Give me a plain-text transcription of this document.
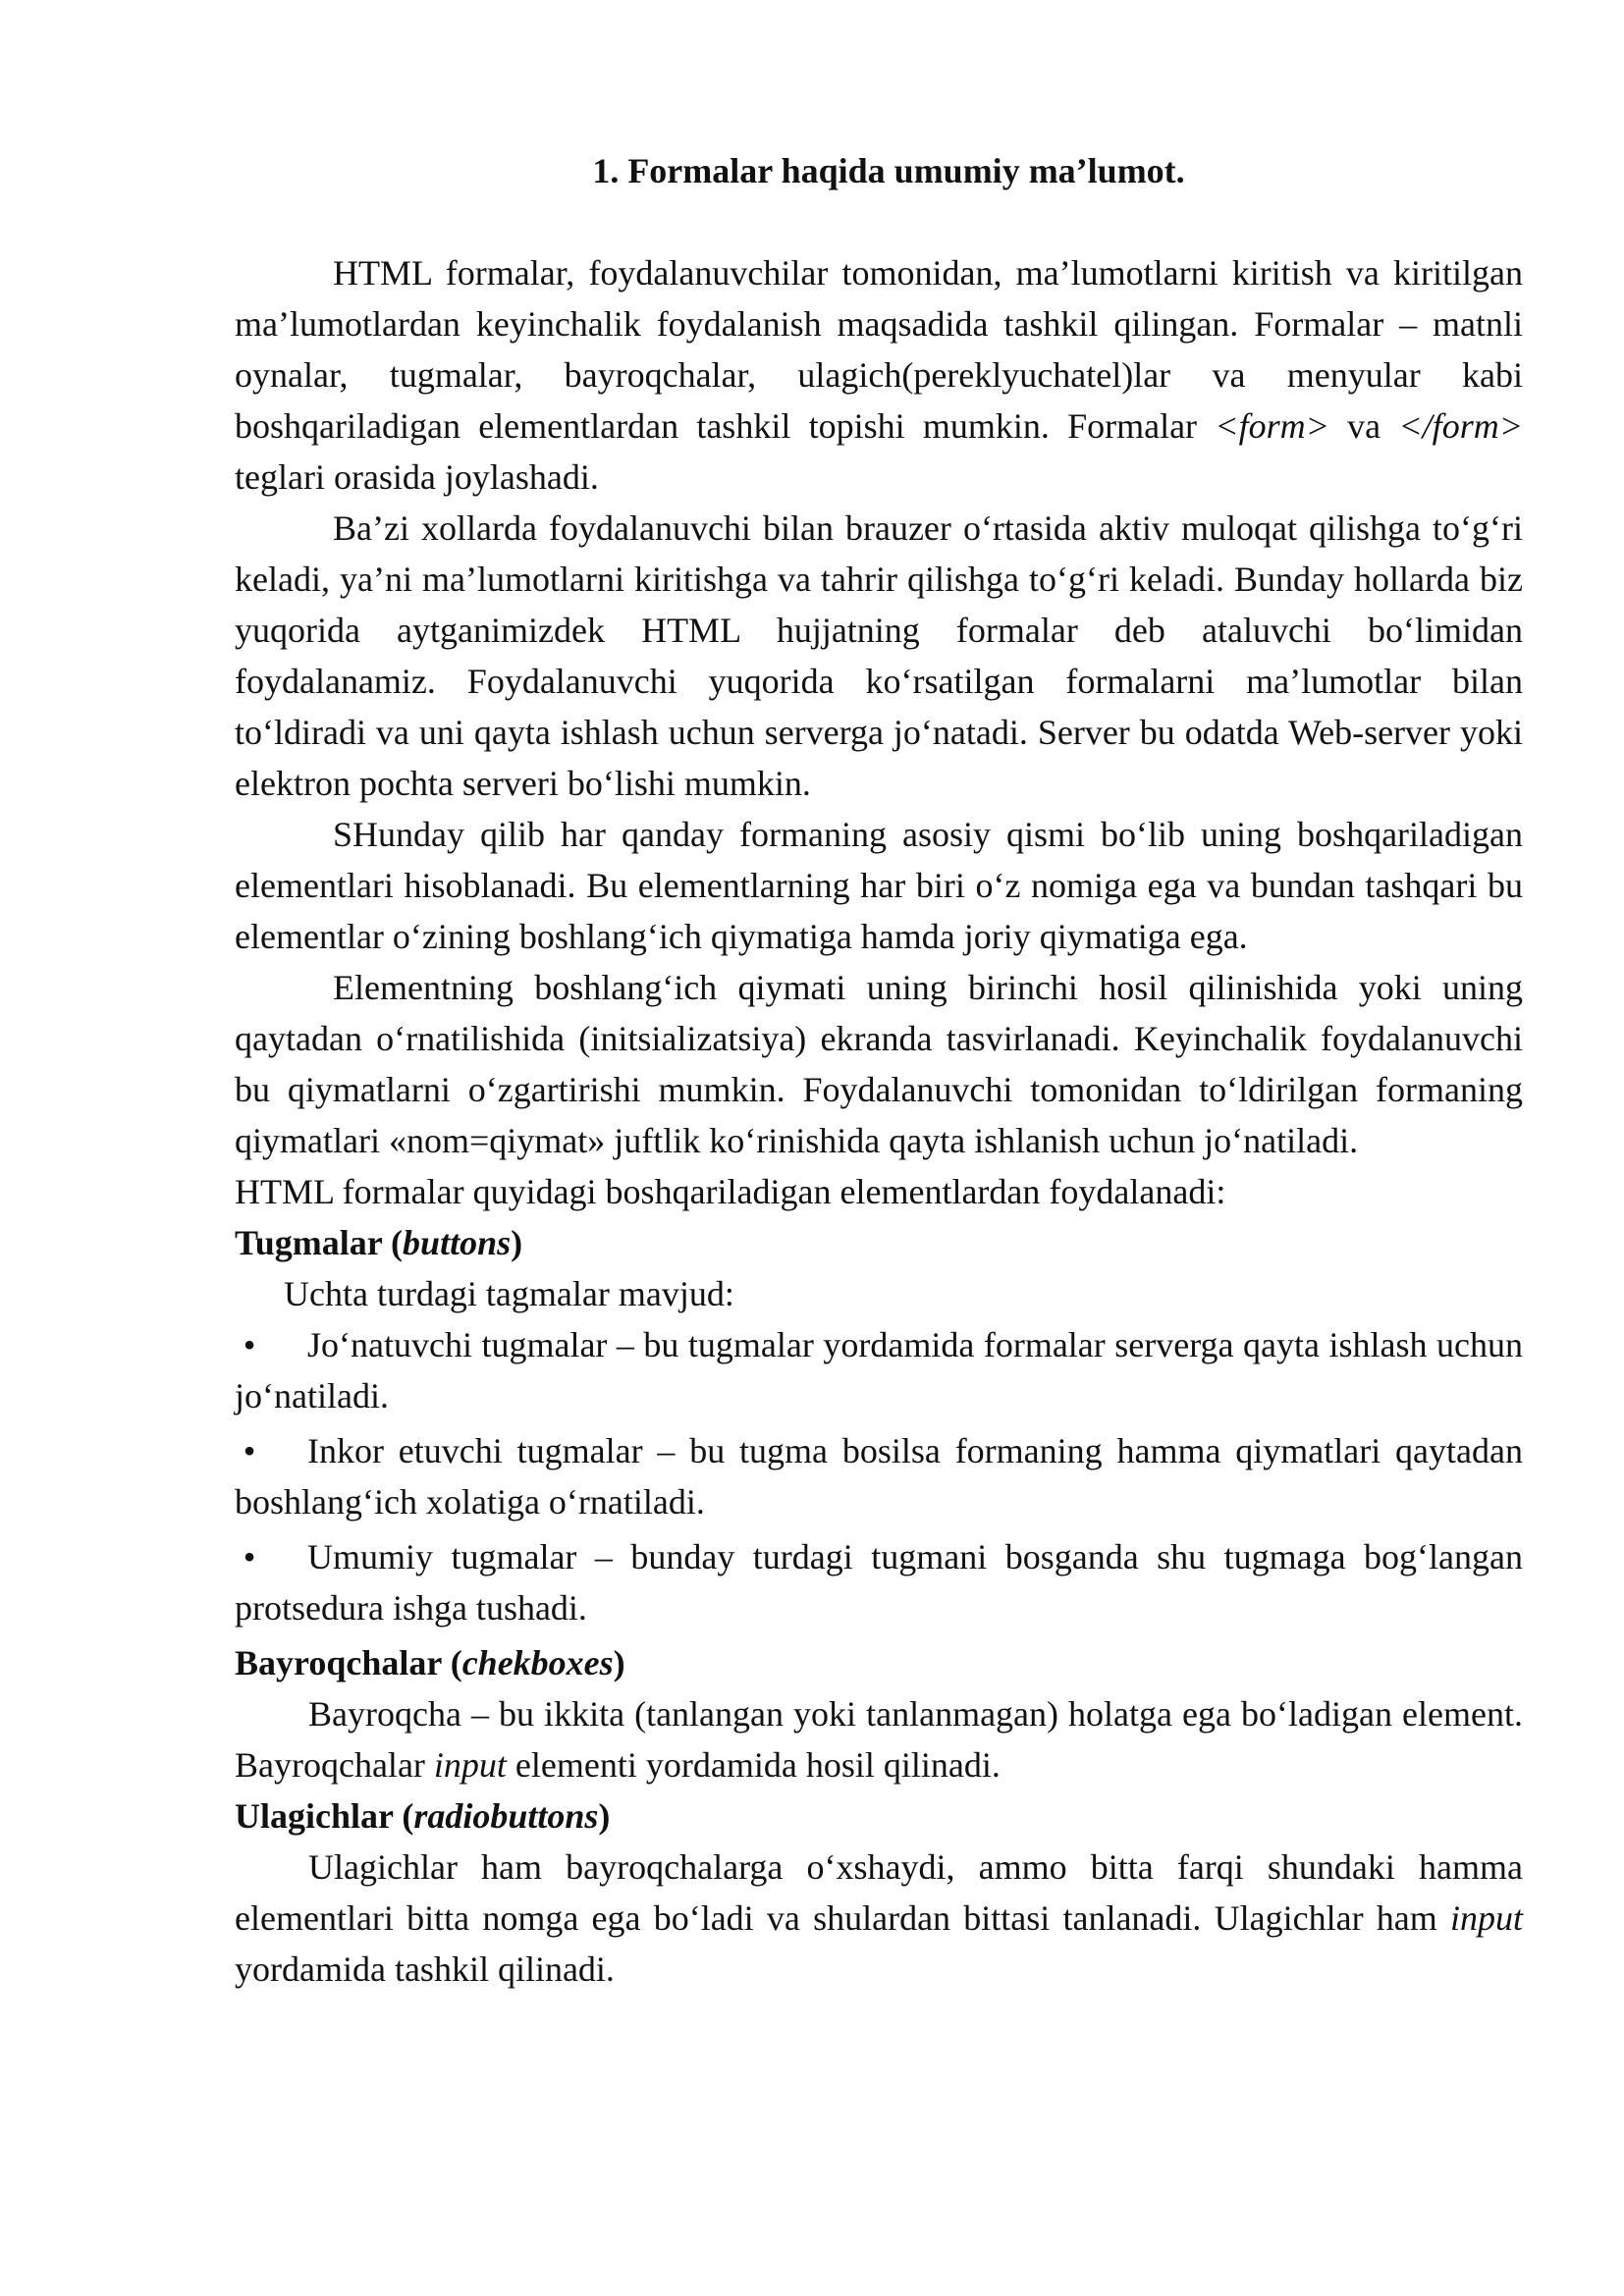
1. Formalar haqida umumiy ma’lumot.

HTML formalar, foydalanuvchilar tomonidan, ma’lumotlarni kiritish va kiritilgan ma’lumotlardan keyinchalik foydalanish maqsadida tashkil qilingan. Formalar – matnli oynalar, tugmalar, bayroqchalar, ulagich(pereklyuchatel)lar va menyular kabi boshqariladigan elementlardan tashkil topishi mumkin. Formalar <form> va </form> teglari orasida joylashadi.

Ba’zi xollarda foydalanuvchi bilan brauzer o‘rtasida aktiv muloqat qilishga to‘g‘ri keladi, ya’ni ma’lumotlarni kiritishga va tahrir qilishga to‘g‘ri keladi. Bunday hollarda biz yuqorida aytganimizdek HTML hujjatning formalar deb ataluvchi bo‘limidan foydalanamiz. Foydalanuvchi yuqorida ko‘rsatilgan formalarni ma’lumotlar bilan to‘ldiradi va uni qayta ishlash uchun serverga jo‘natadi. Server bu odatda Web-server yoki elektron pochta serveri bo‘lishi mumkin.

SHunday qilib har qanday formaning asosiy qismi bo‘lib uning boshqariladigan elementlari hisoblanadi. Bu elementlarning har biri o‘z nomiga ega va bundan tashqari bu elementlar o‘zining boshlang‘ich qiymatiga hamda joriy qiymatiga ega.

Elementning boshlang‘ich qiymati uning birinchi hosil qilinishida yoki uning qaytadan o‘rnatilishida (initsializatsiya) ekranda tasvirlanadi. Keyinchalik foydalanuvchi bu qiymatlarni o‘zgartirishi mumkin. Foydalanuvchi tomonidan to‘ldirilgan formaning qiymatlari «nom=qiymat» juftlik ko‘rinishida qayta ishlanish uchun jo‘natiladi.

HTML formalar quyidagi boshqariladigan elementlardan foydalanadi:

Tugmalar (buttons)

Uchta turdagi tagmalar mavjud:

• Jo‘natuvchi tugmalar – bu tugmalar yordamida formalar serverga qayta ishlash uchun jo‘natiladi.
• Inkor etuvchi tugmalar – bu tugma bosilsa formaning hamma qiymatlari qaytadan boshlang‘ich xolatiga o‘rnatiladi.
• Umumiy tugmalar – bunday turdagi tugmani bosganda shu tugmaga bog‘langan protsedura ishga tushadi.

Bayroqchalar (chekboxes)

Bayroqcha – bu ikkita (tanlangan yoki tanlanmagan) holatga ega bo‘ladigan element. Bayroqchalar input elementi yordamida hosil qilinadi.

Ulagichlar (radiobuttons)

Ulagichlar ham bayroqchalarga o‘xshaydi, ammo bitta farqi shundaki hamma elementlari bitta nomga ega bo‘ladi va shulardan bittasi tanlanadi. Ulagichlar ham input yordamida tashkil qilinadi.
